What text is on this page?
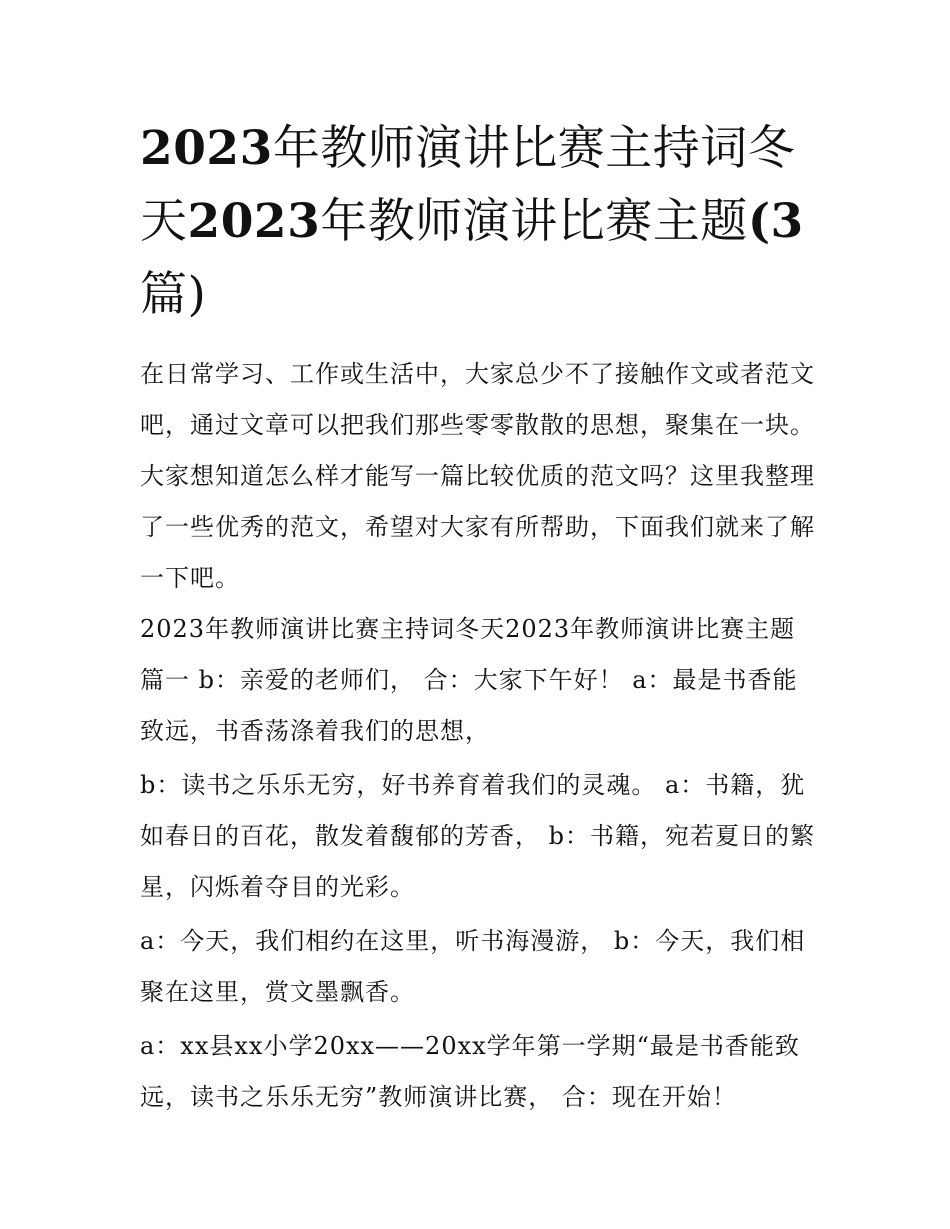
2023年教师演讲比赛主持词冬天2023年教师演讲比赛主题(3
篇)

在日常学习、工作或生活中，大家总少不了接触作文或者范文吧，通过文章可以把我们那些零零散散的思想，聚集在一块。大家想知道怎么样才能写一篇比较优质的范文吗？这里我整理了一些优秀的范文，希望对大家有所帮助，下面我们就来了解一下吧。

2023年教师演讲比赛主持词冬天2023年教师演讲比赛主题篇一 b：亲爱的老师们， 合：大家下午好！ a：最是书香能致远，书香荡涤着我们的思想，

b：读书之乐乐无穷，好书养育着我们的灵魂。 a：书籍，犹如春日的百花，散发着馥郁的芳香， b：书籍，宛若夏日的繁星，闪烁着夺目的光彩。

a：今天，我们相约在这里，听书海漫游， b：今天，我们相聚在这里，赏文墨飘香。

a：xx县xx小学20xx——20xx学年第一学期“最是书香能致远，读书之乐乐无穷”教师演讲比赛， 合：现在开始！
